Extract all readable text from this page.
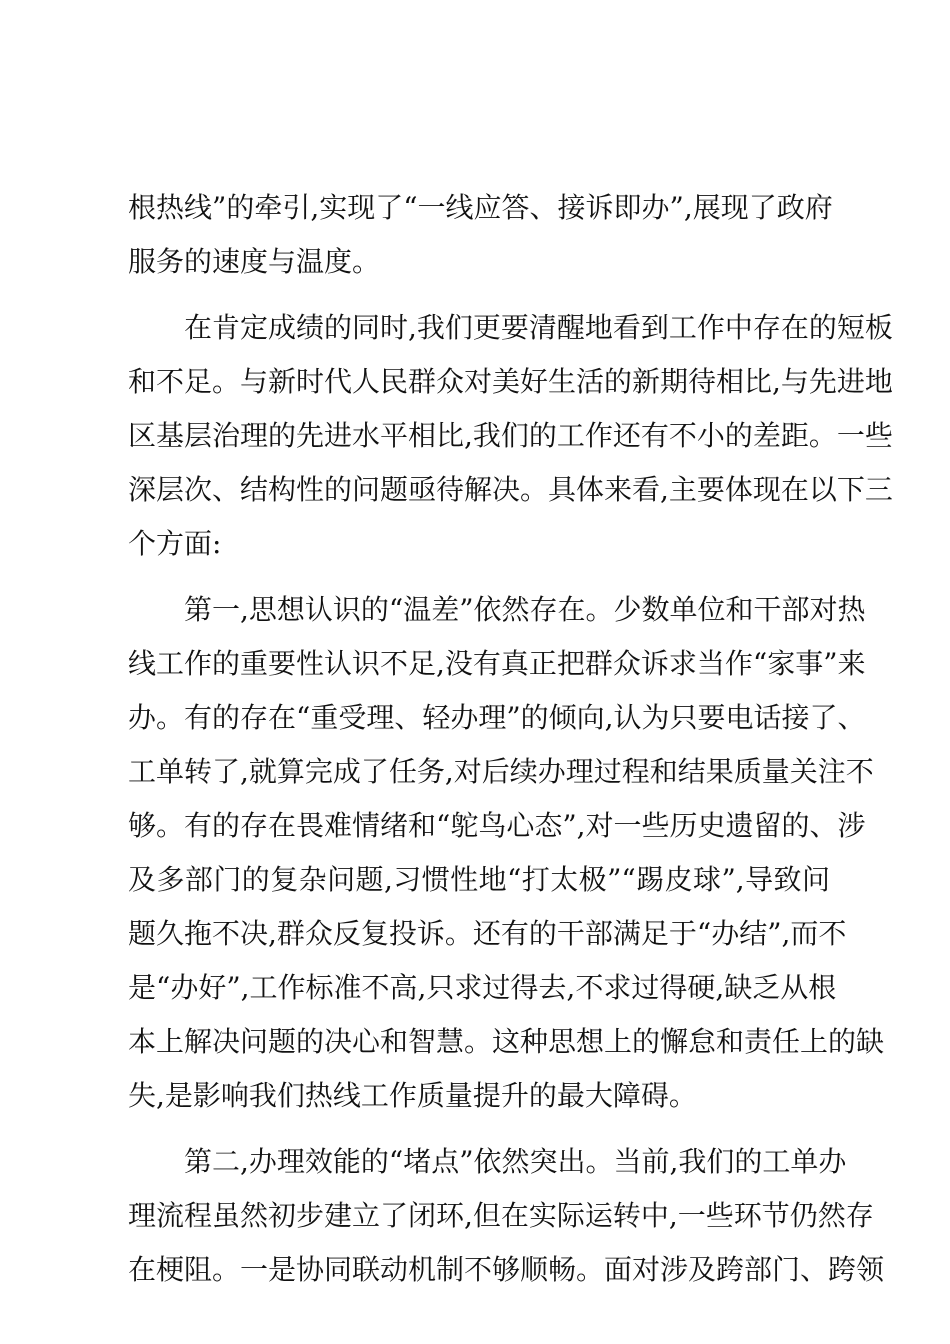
根热线”的牵引,实现了“一线应答、接诉即办”,展现了政府
服务的速度与温度。
在肯定成绩的同时,我们更要清醒地看到工作中存在的短板
和不足。与新时代人民群众对美好生活的新期待相比,与先进地
区基层治理的先进水平相比,我们的工作还有不小的差距。一些
深层次、结构性的问题亟待解决。具体来看,主要体现在以下三
个方面:
第一,思想认识的“温差”依然存在。少数单位和干部对热
线工作的重要性认识不足,没有真正把群众诉求当作“家事”来
办。有的存在“重受理、轻办理”的倾向,认为只要电话接了、
工单转了,就算完成了任务,对后续办理过程和结果质量关注不
够。有的存在畏难情绪和“鸵鸟心态”,对一些历史遗留的、涉
及多部门的复杂问题,习惯性地“打太极”“踢皮球”,导致问
题久拖不决,群众反复投诉。还有的干部满足于“办结”,而不
是“办好”,工作标准不高,只求过得去,不求过得硬,缺乏从根
本上解决问题的决心和智慧。这种思想上的懈怠和责任上的缺
失,是影响我们热线工作质量提升的最大障碍。
第二,办理效能的“堵点”依然突出。当前,我们的工单办
理流程虽然初步建立了闭环,但在实际运转中,一些环节仍然存
在梗阻。一是协同联动机制不够顺畅。面对涉及跨部门、跨领
